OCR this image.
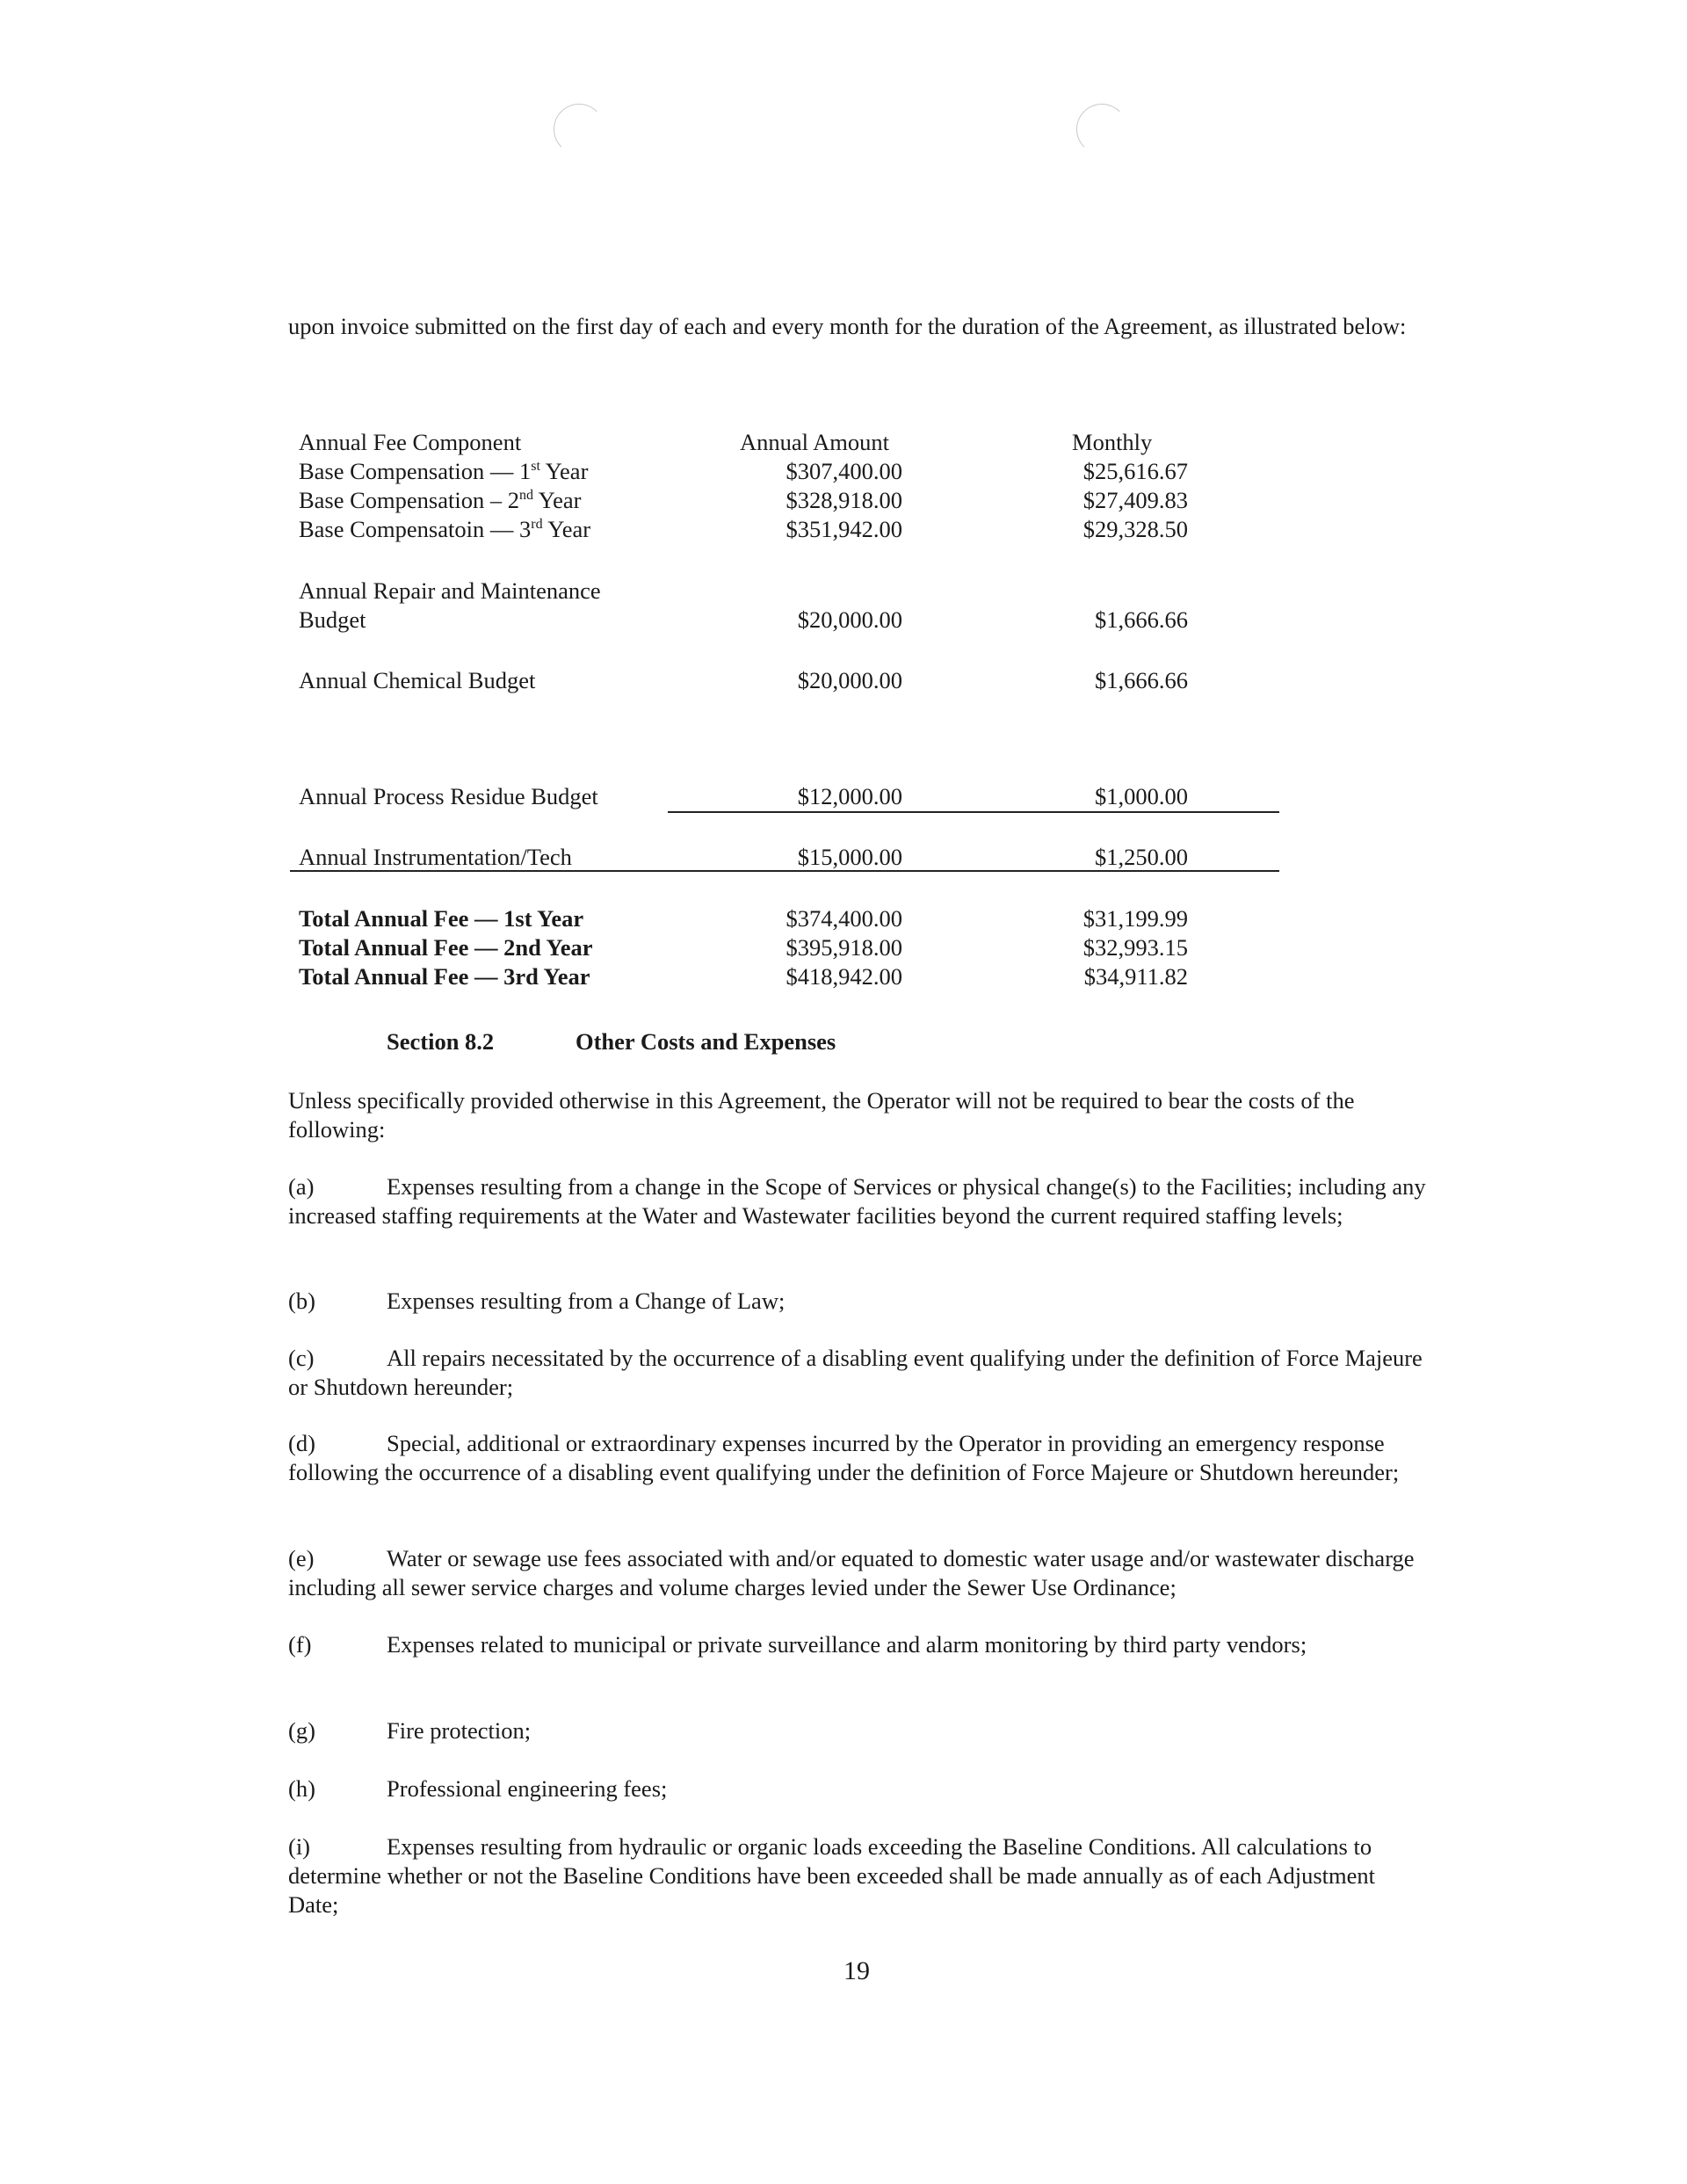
upon invoice submitted on the first day of each and every month for the duration of the Agreement, as illustrated below:

Annual Fee Component	Annual Amount	Monthly
Base Compensation — 1st Year	$307,400.00	$25,616.67
Base Compensation – 2nd Year	$328,918.00	$27,409.83
Base Compensatoin — 3rd Year	$351,942.00	$29,328.50
Annual Repair and Maintenance
Budget	$20,000.00	$1,666.66
Annual Chemical Budget	$20,000.00	$1,666.66
Annual Process Residue Budget	$12,000.00	$1,000.00
Annual Instrumentation/Tech	$15,000.00	$1,250.00
Total Annual Fee — 1st Year	$374,400.00	$31,199.99
Total Annual Fee — 2nd Year	$395,918.00	$32,993.15
Total Annual Fee — 3rd Year	$418,942.00	$34,911.82
Section 8.2	Other Costs and Expenses

Unless specifically provided otherwise in this Agreement, the Operator will not be required to bear the costs of the following:

(a)	Expenses resulting from a change in the Scope of Services or physical change(s) to the Facilities; including any increased staffing requirements at the Water and Wastewater facilities beyond the current required staffing levels;

(b)	Expenses resulting from a Change of Law;

(c)	All repairs necessitated by the occurrence of a disabling event qualifying under the definition of Force Majeure or Shutdown hereunder;

(d)	Special, additional or extraordinary expenses incurred by the Operator in providing an emergency response following the occurrence of a disabling event qualifying under the definition of Force Majeure or Shutdown hereunder;

(e)	Water or sewage use fees associated with and/or equated to domestic water usage and/or wastewater discharge including all sewer service charges and volume charges levied under the Sewer Use Ordinance;

(f)	Expenses related to municipal or private surveillance and alarm monitoring by third party vendors;

(g)	Fire protection;

(h)	Professional engineering fees;

(i)	Expenses resulting from hydraulic or organic loads exceeding the Baseline Conditions. All calculations to determine whether or not the Baseline Conditions have been exceeded shall be made annually as of each Adjustment Date;

19
